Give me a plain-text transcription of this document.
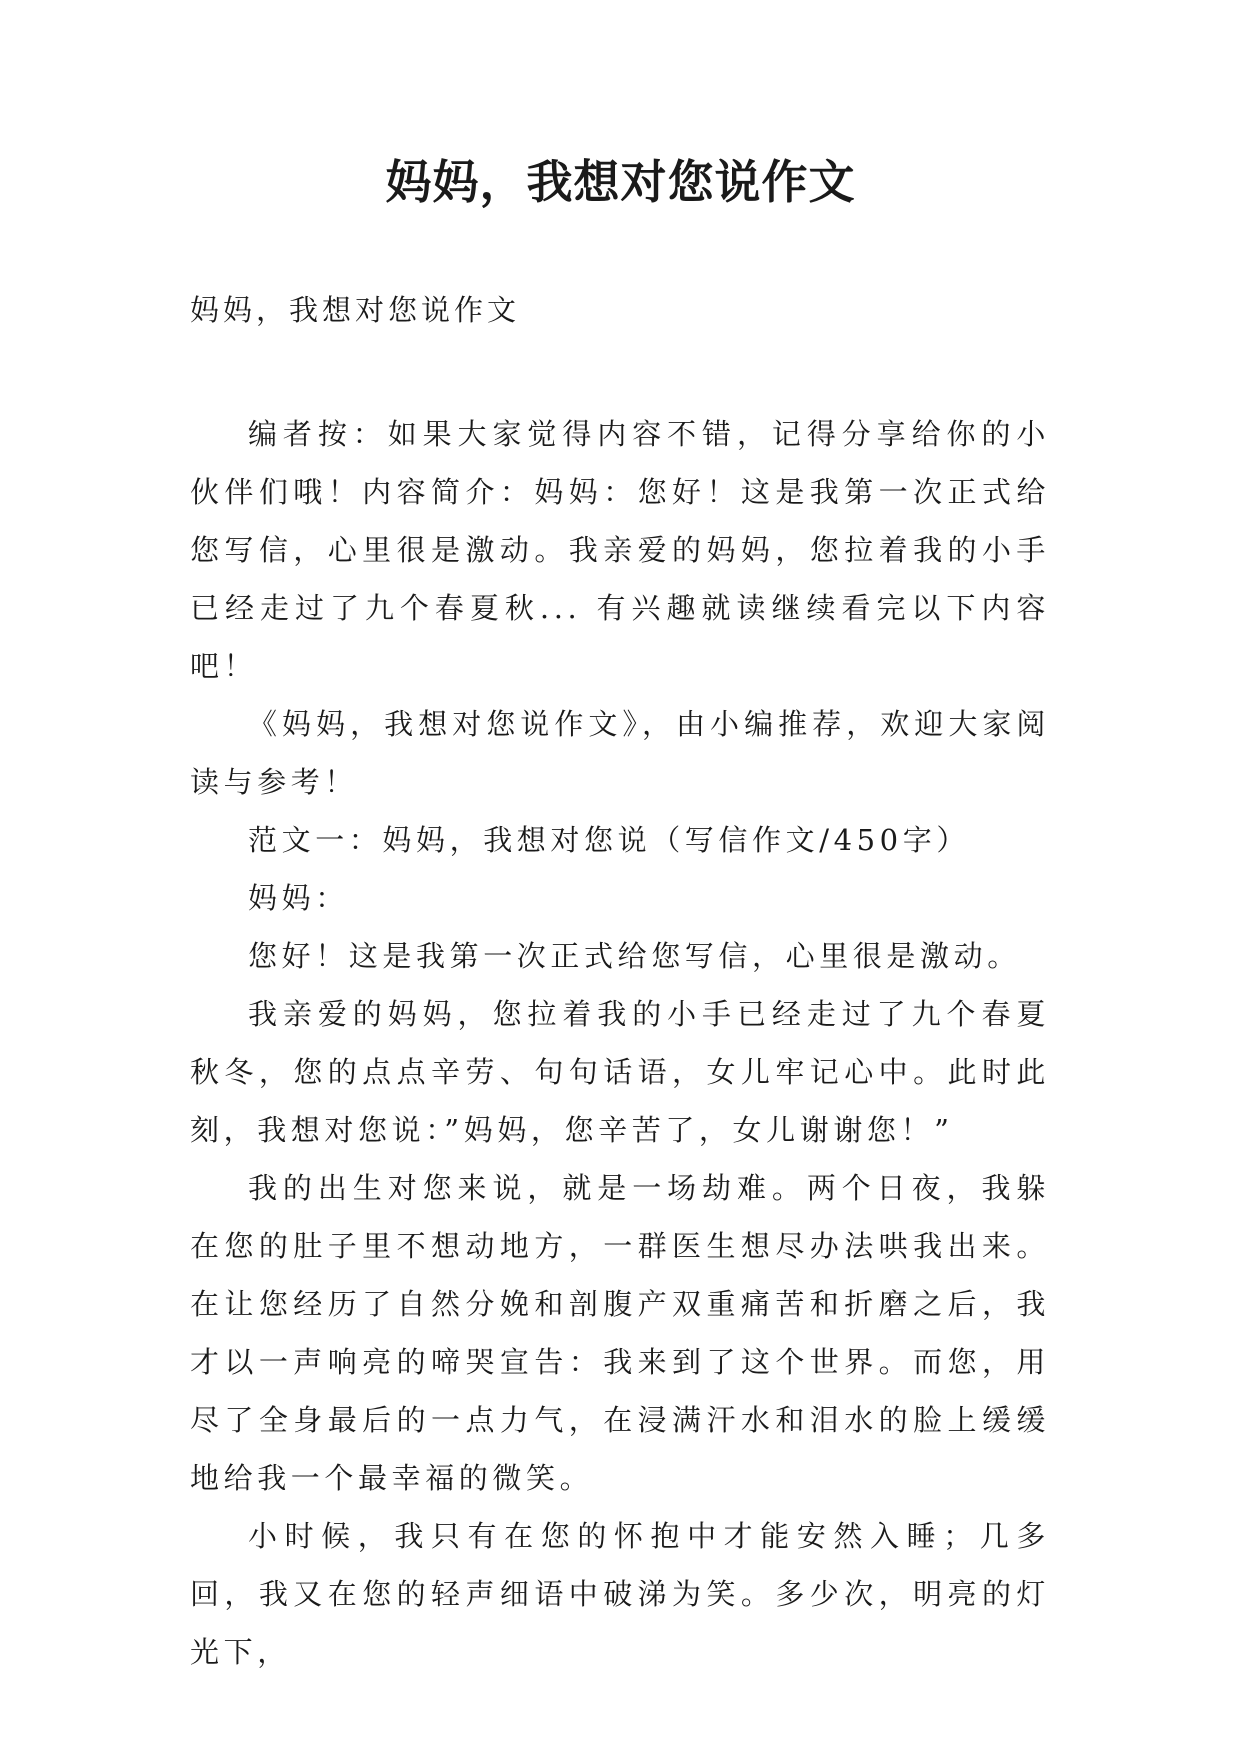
妈妈，我想对您说作文
妈妈，我想对您说作文

编者按：如果大家觉得内容不错，记得分享给你的小伙伴们哦！内容简介：妈妈：您好！这是我第一次正式给您写信，心里很是激动。我亲爱的妈妈，您拉着我的小手已经走过了九个春夏秋... 有兴趣就读继续看完以下内容吧！

《妈妈，我想对您说作文》，由小编推荐，欢迎大家阅读与参考！

范文一：妈妈，我想对您说（写信作文/450字）

妈妈：

您好！这是我第一次正式给您写信，心里很是激动。

我亲爱的妈妈，您拉着我的小手已经走过了九个春夏秋冬，您的点点辛劳、句句话语，女儿牢记心中。此时此刻，我想对您说：”妈妈，您辛苦了，女儿谢谢您！”

我的出生对您来说，就是一场劫难。两个日夜，我躲在您的肚子里不想动地方，一群医生想尽办法哄我出来。在让您经历了自然分娩和剖腹产双重痛苦和折磨之后，我才以一声响亮的啼哭宣告：我来到了这个世界。而您，用尽了全身最后的一点力气，在浸满汗水和泪水的脸上缓缓地给我一个最幸福的微笑。

小时候，我只有在您的怀抱中才能安然入睡；几多回，我又在您的轻声细语中破涕为笑。多少次，明亮的灯光下，
